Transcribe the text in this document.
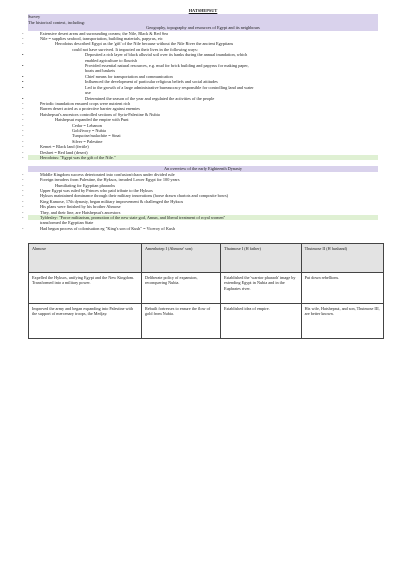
HATSHEPSUT
Survey
The historical context, including:
Geography, topography and resources of Egypt and its neighbours
-	Extensive desert areas and surrounding oceans; the Nile, Black & Red Sea
-	Nile = supplies seafood, transportation, building materials, papyrus, etc
-	Herodotus described Egypt as the 'gift' of the Nile because without the Nile River the ancient Egyptians
could not have survived. It impacted on their lives in the following ways:
•	Deposited a rich layer of black alluvial soil over its banks during the annual inundation, which
enabled agriculture to flourish
•	Provided essential natural resources, e.g. mud for brick building and papyrus for making paper,
boats and baskets
•	Chief means for transportation and communication
•	Influenced the development of particular religious beliefs and social attitudes
•	Led to the growth of a large administrative bureaucracy responsible for controlling land and water
use
•	Determined the season of the year and regulated the activities of the people
-	Periodic inundation ensured crops were nutrient rich
-	Barren desert acted as a protective barrier against enemies
-	Hatshepsut's ancestors controlled sections of Syria-Palestine & Nubia
-	Hatshepsut expanded the empire with Punt
-	Cedar = Lebanon
-	Gold/ivory = Nubia
-	Turquoise/malachite = Sinai
-	Silver = Palestine
-	Kemet = Black land (fertile)
-	Deshret = Red land (desert)
-	Herodotus: "Egypt was the gift of the Nile."
An overview of the early Eighteenth Dynasty
-	Middle Kingdom success deteriorated into confusion/chaos under divided rule
-	Foreign invaders from Palestine, the Hyksos, invaded Lower Egypt for 100 years
-	Humiliating for Egyptian pharaohs
-	Upper Egypt was ruled by Princes who paid tribute to the Hyksos
-	Hyksos maintained dominance through their military innovations (horse drawn chariots and composite bows)
-	King Kamose, 17th dynasty, began military improvement & challenged the Hyksos
-	His plans were finished by his brother Ahmose
-	They, and their line, are Hatshepsut's ancestors
-	Tyldesley: "Force militarism, promotion of the new state god, Amun, and liberal treatment of royal women"
transformed the Egyptian State
-	Had begun process of colonisation eg "King's son of Kush" = Viceroy of Kush
Ahmose	Amenhotep I (Ahmose' son)	Thutmose I (H father)	Thutmose II (H husband)
Expelled the Hyksos, unifying Egypt and the New Kingdom. Transformed into a military power.	Deliberate policy of expansion, reconquering Nubia.	Established the 'warrior pharaoh' image by extending Egypt in Nubia and in the Euphrates river.	Put down rebellions.
Improved the army and began expanding into Palestine with the support of mercenary troops, the Medjay.	Rebuilt fortresses to ensure the flow of gold from Nubia.	Established idea of empire.	His wife, Hatshepsut, and son, Thutmose III, are better known.
